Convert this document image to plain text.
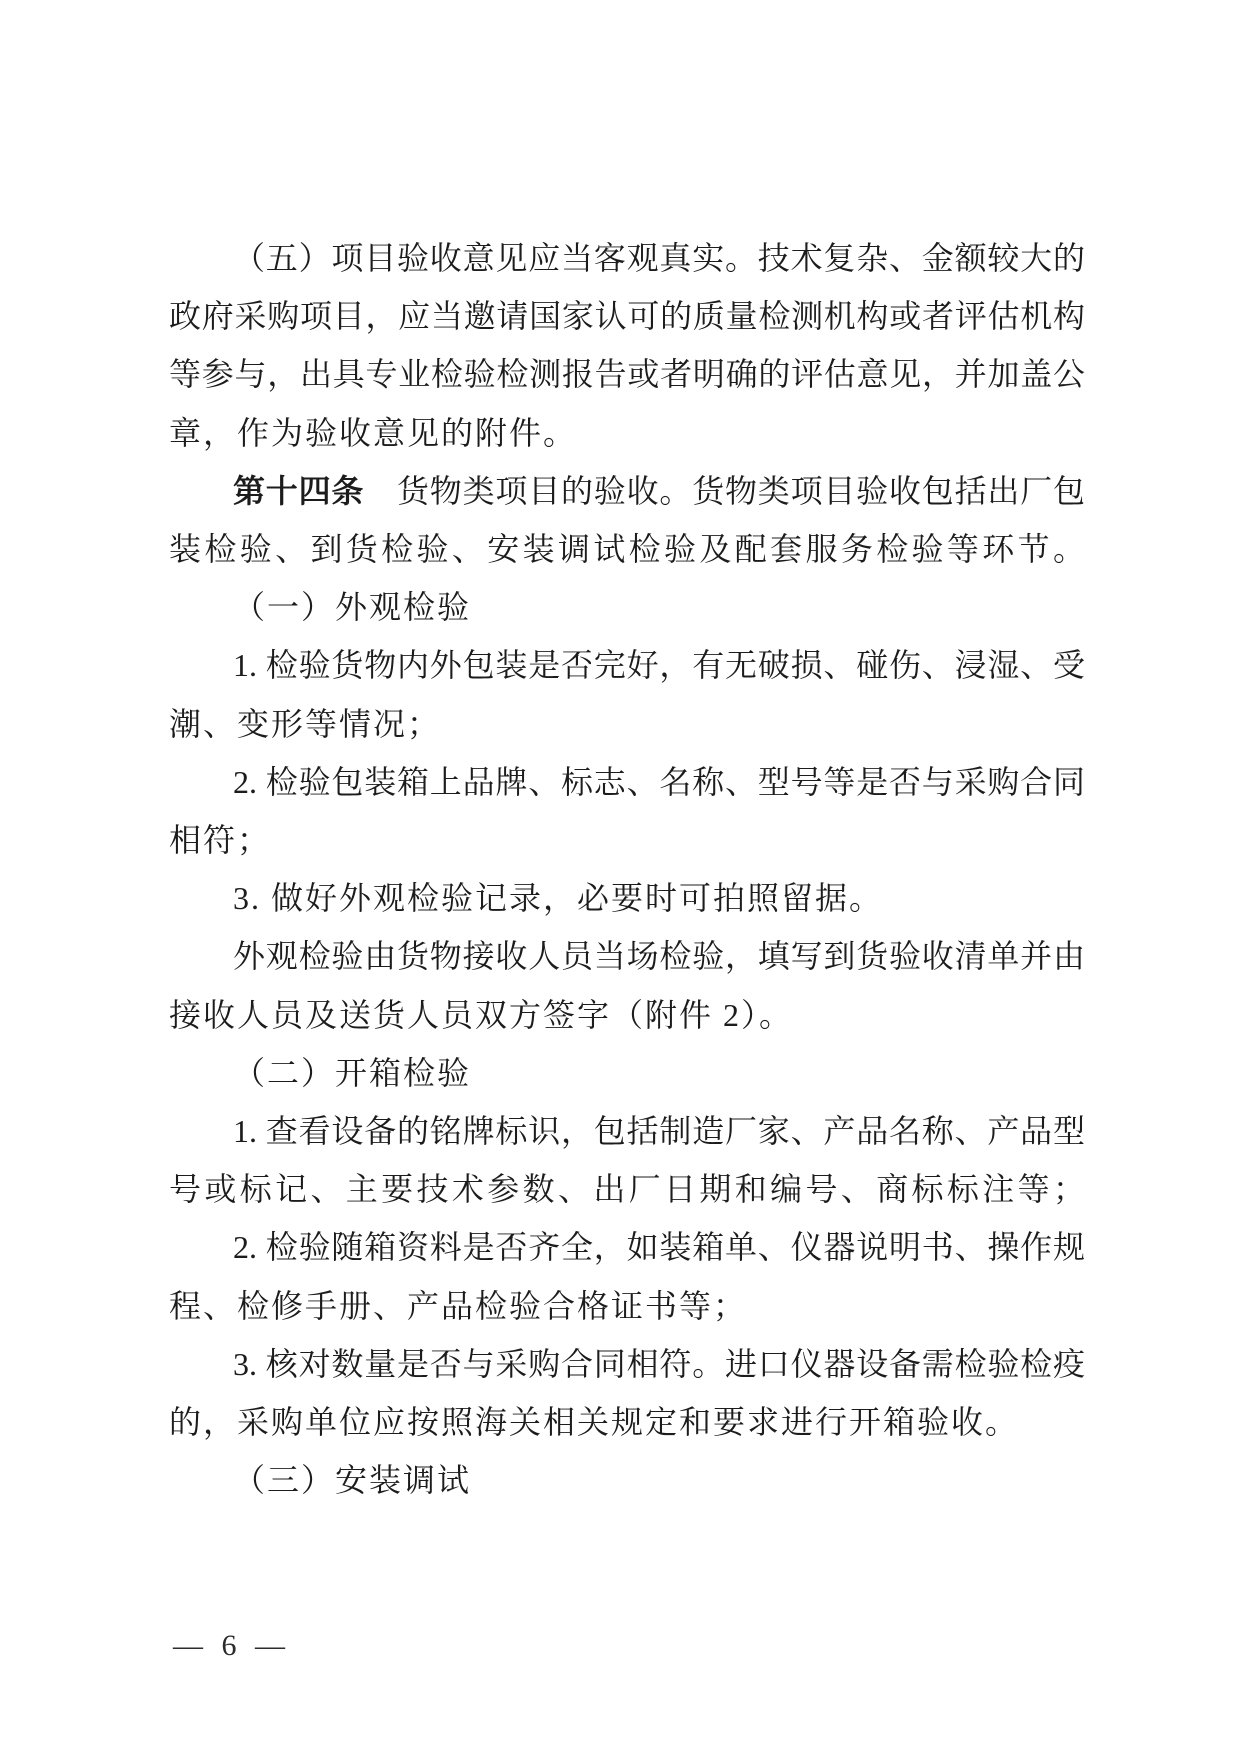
（五）项目验收意见应当客观真实。技术复杂、金额较大的
政府采购项目，应当邀请国家认可的质量检测机构或者评估机构
等参与，出具专业检验检测报告或者明确的评估意见，并加盖公
章，作为验收意见的附件。
第十四条　货物类项目的验收。货物类项目验收包括出厂包
装检验、到货检验、安装调试检验及配套服务检验等环节。
（一）外观检验
1. 检验货物内外包装是否完好，有无破损、碰伤、浸湿、受
潮、变形等情况；
2. 检验包装箱上品牌、标志、名称、型号等是否与采购合同
相符；
3. 做好外观检验记录，必要时可拍照留据。
外观检验由货物接收人员当场检验，填写到货验收清单并由
接收人员及送货人员双方签字（附件 2）。
（二）开箱检验
1. 查看设备的铭牌标识，包括制造厂家、产品名称、产品型
号或标记、主要技术参数、出厂日期和编号、商标标注等；
2. 检验随箱资料是否齐全，如装箱单、仪器说明书、操作规
程、检修手册、产品检验合格证书等；
3. 核对数量是否与采购合同相符。进口仪器设备需检验检疫
的，采购单位应按照海关相关规定和要求进行开箱验收。
（三）安装调试
— 6 —
